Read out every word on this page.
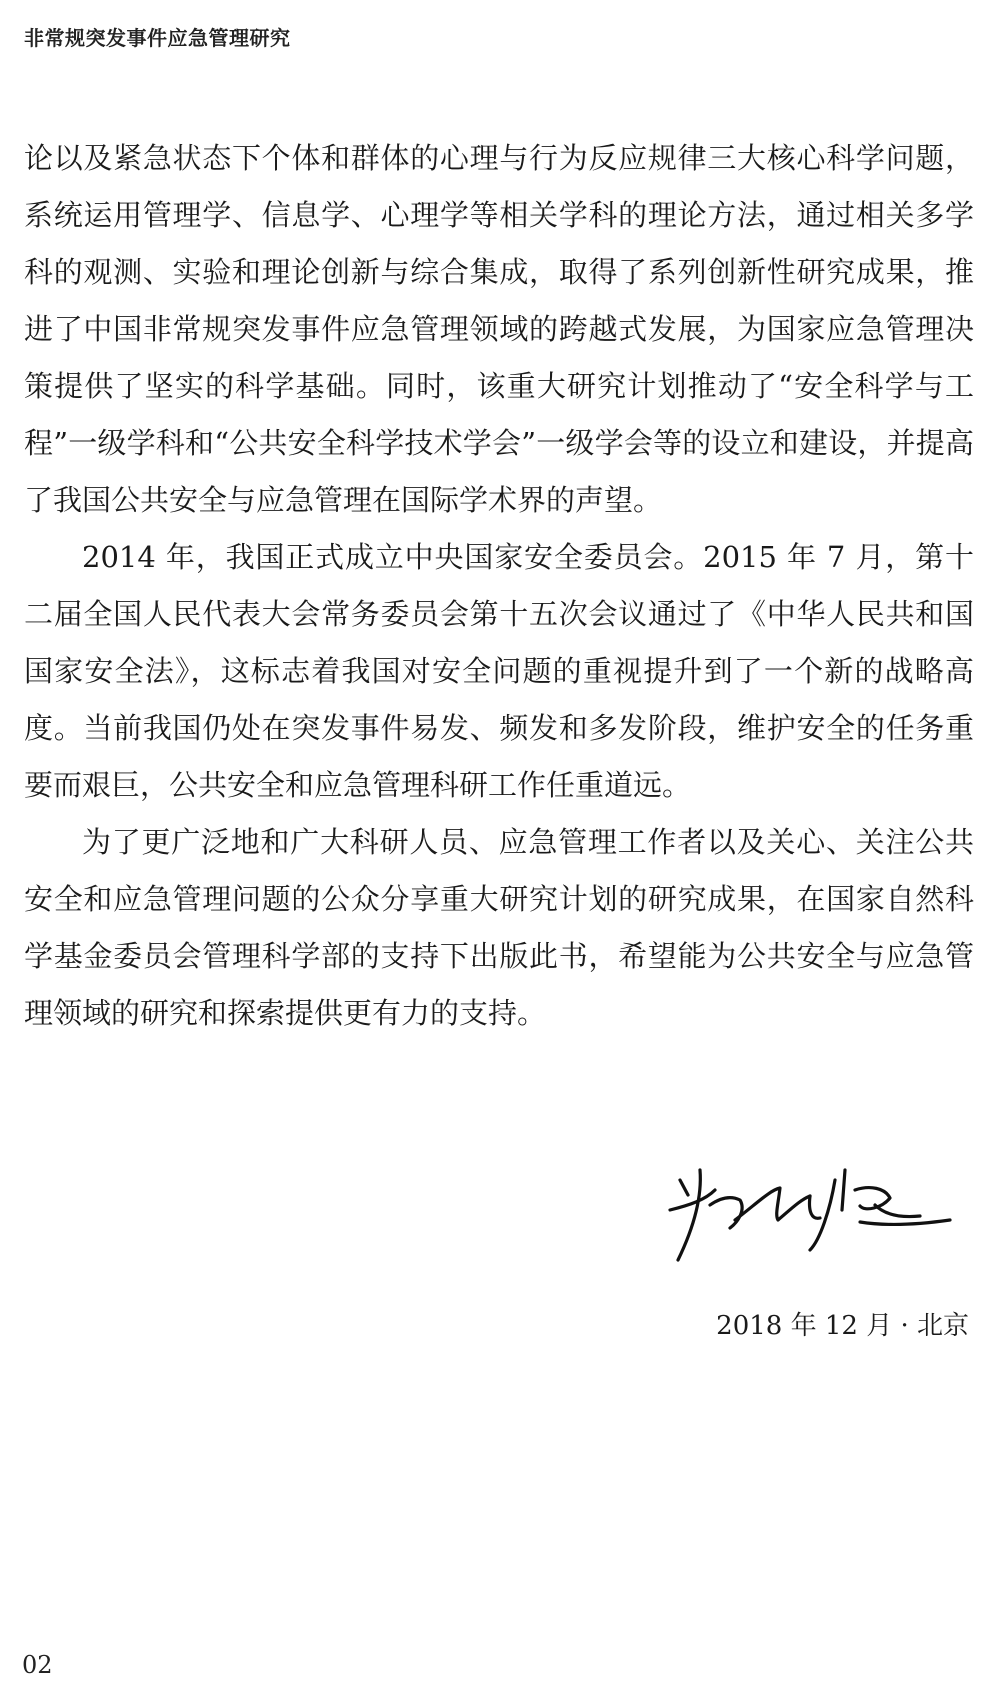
非常规突发事件应急管理研究

论以及紧急状态下个体和群体的心理与行为反应规律三大核心科学问题，系统运用管理学、信息学、心理学等相关学科的理论方法，通过相关多学科的观测、实验和理论创新与综合集成，取得了系列创新性研究成果，推进了中国非常规突发事件应急管理领域的跨越式发展，为国家应急管理决策提供了坚实的科学基础。同时，该重大研究计划推动了“安全科学与工程”一级学科和“公共安全科学技术学会”一级学会等的设立和建设，并提高了我国公共安全与应急管理在国际学术界的声望。

2014 年，我国正式成立中央国家安全委员会。2015 年 7 月，第十二届全国人民代表大会常务委员会第十五次会议通过了《中华人民共和国国家安全法》，这标志着我国对安全问题的重视提升到了一个新的战略高度。当前我国仍处在突发事件易发、频发和多发阶段，维护安全的任务重要而艰巨，公共安全和应急管理科研工作任重道远。

为了更广泛地和广大科研人员、应急管理工作者以及关心、关注公共安全和应急管理问题的公众分享重大研究计划的研究成果，在国家自然科学基金委员会管理科学部的支持下出版此书，希望能为公共安全与应急管理领域的研究和探索提供更有力的支持。

2018 年 12 月 · 北京
02
